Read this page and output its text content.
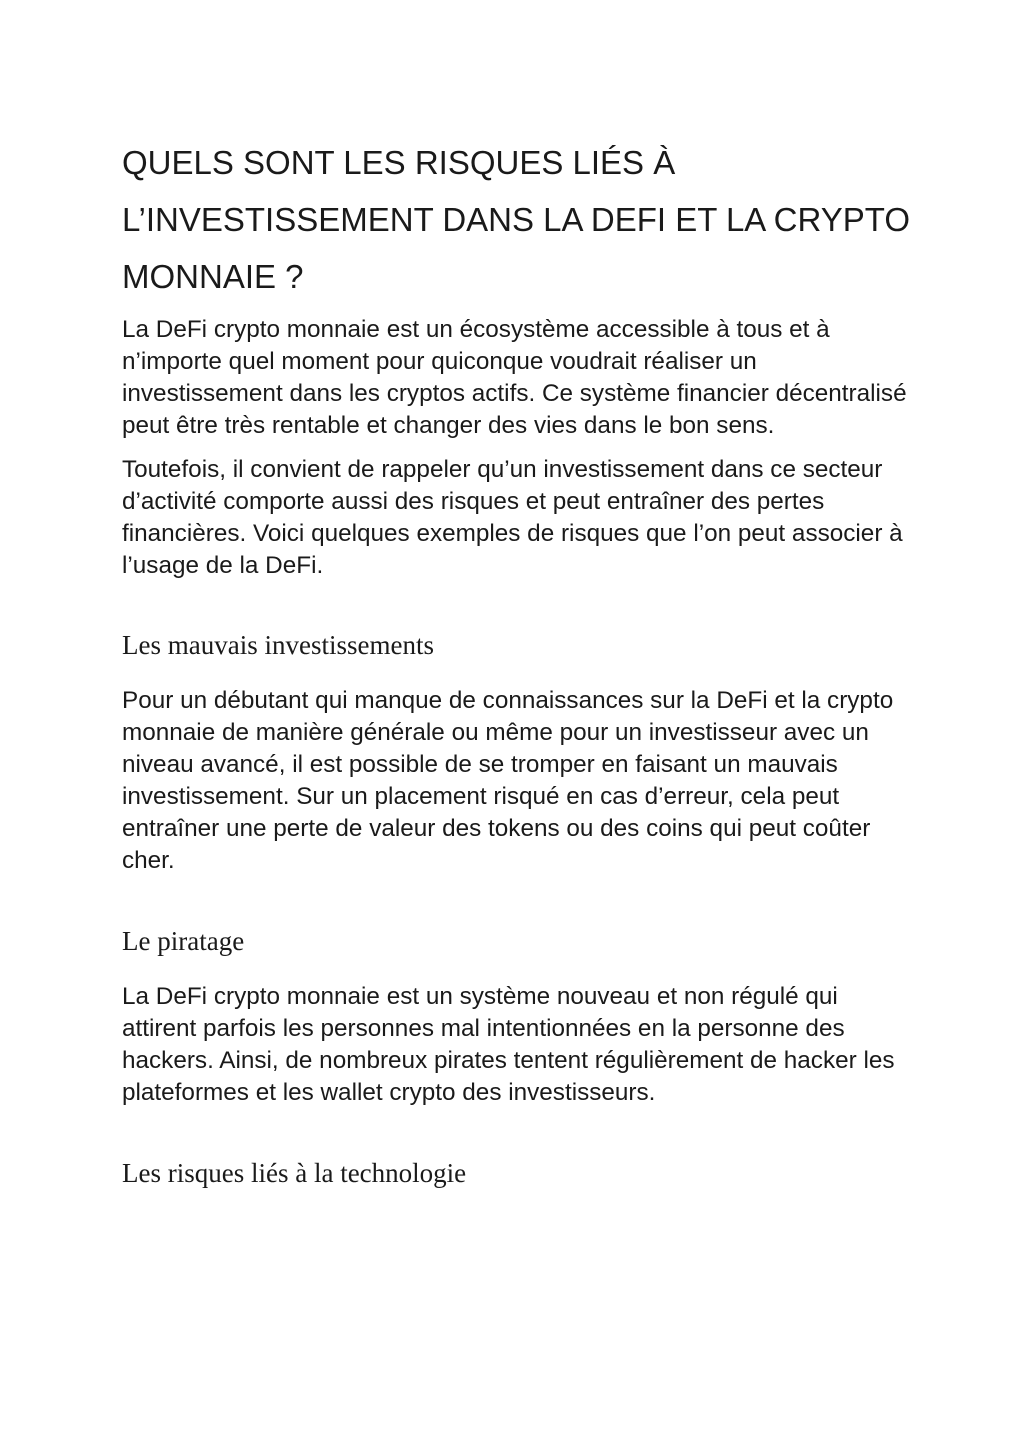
QUELS SONT LES RISQUES LIÉS À L’INVESTISSEMENT DANS LA DEFI ET LA CRYPTO MONNAIE ?

La DeFi crypto monnaie est un écosystème accessible à tous et à n’importe quel moment pour quiconque voudrait réaliser un investissement dans les cryptos actifs. Ce système financier décentralisé peut être très rentable et changer des vies dans le bon sens.

Toutefois, il convient de rappeler qu’un investissement dans ce secteur d’activité comporte aussi des risques et peut entraîner des pertes financières. Voici quelques exemples de risques que l’on peut associer à l’usage de la DeFi.

Les mauvais investissements

Pour un débutant qui manque de connaissances sur la DeFi et la crypto monnaie de manière générale ou même pour un investisseur avec un niveau avancé, il est possible de se tromper en faisant un mauvais investissement. Sur un placement risqué en cas d’erreur, cela peut entraîner une perte de valeur des tokens ou des coins qui peut coûter cher.

Le piratage

La DeFi crypto monnaie est un système nouveau et non régulé qui attirent parfois les personnes mal intentionnées en la personne des hackers. Ainsi, de nombreux pirates tentent régulièrement de hacker les plateformes et les wallet crypto des investisseurs.

Les risques liés à la technologie
